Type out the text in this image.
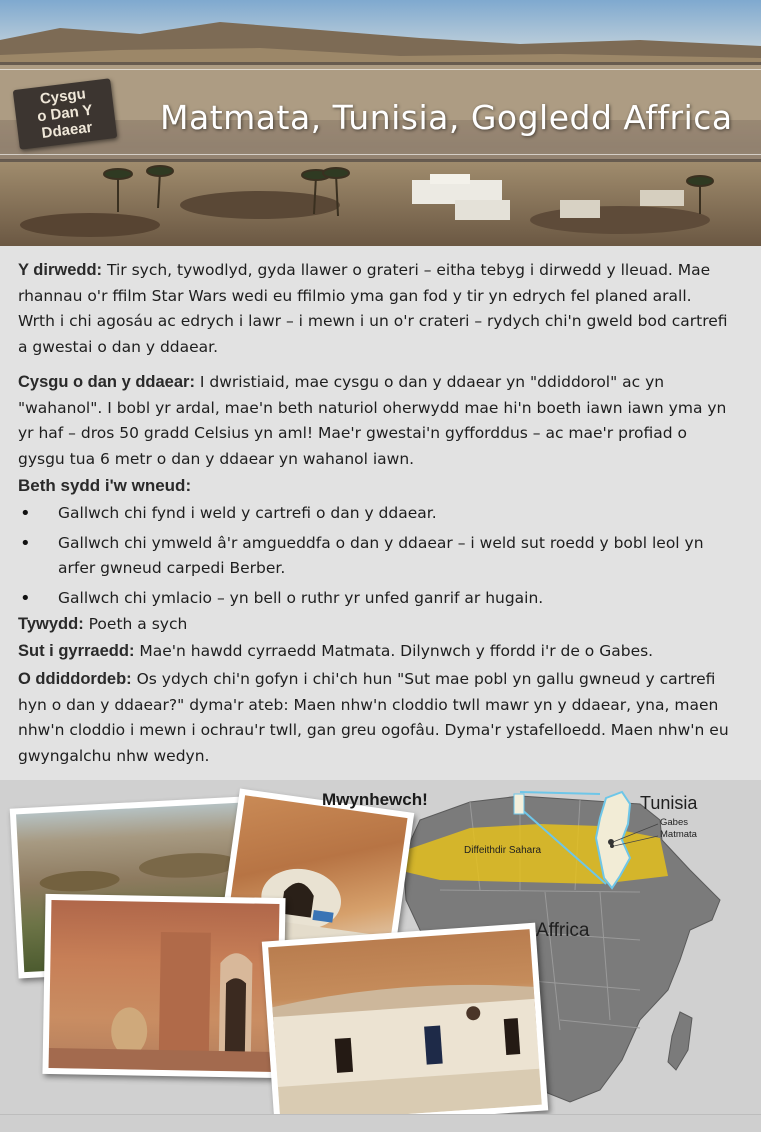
Cysgu
o Dan Y
Ddaear	Matmata, Tunisia, Gogledd Affrica

Y dirwedd: Tir sych, tywodlyd, gyda llawer o grateri – eitha tebyg i dirwedd y lleuad. Mae rhannau o'r ffilm Star Wars wedi eu ffilmio yma gan fod y tir yn edrych fel planed arall. Wrth i chi agosáu ac edrych i lawr – i mewn i un o'r crateri – rydych chi'n gweld bod cartrefi a gwestai o dan y ddaear.

Cysgu o dan y ddaear: I dwristiaid, mae cysgu o dan y ddaear yn "ddiddorol" ac yn "wahanol". I bobl yr ardal, mae'n beth naturiol oherwydd mae hi'n boeth iawn iawn yma yn yr haf – dros 50 gradd Celsius yn aml! Mae'r gwestai'n gyfforddus – ac mae'r profiad o gysgu tua 6 metr o dan y ddaear yn wahanol iawn.

Beth sydd i'w wneud:
• Gallwch chi fynd i weld y cartrefi o dan y ddaear.
• Gallwch chi ymweld â'r amgueddfa o dan y ddaear – i weld sut roedd y bobl leol yn arfer gwneud carpedi Berber.
• Gallwch chi ymlacio – yn bell o ruthr yr unfed ganrif ar hugain.

Tywydd: Poeth a sych

Sut i gyrraedd: Mae'n hawdd cyrraedd Matmata. Dilynwch y ffordd i'r de o Gabes.

O ddiddordeb: Os ydych chi'n gofyn i chi'ch hun "Sut mae pobl yn gallu gwneud y cartrefi hyn o dan y ddaear?" dyma'r ateb: Maen nhw'n cloddio twll mawr yn y ddaear, yna, maen nhw'n cloddio i mewn i ochrau'r twll, gan greu ogofâu. Dyma'r ystafelloedd. Maen nhw'n eu gwyngalchu nhw wedyn.

Mwynhewch!	Tunisia
Gabes
Matmata
Diffeithdir Sahara
Affrica
